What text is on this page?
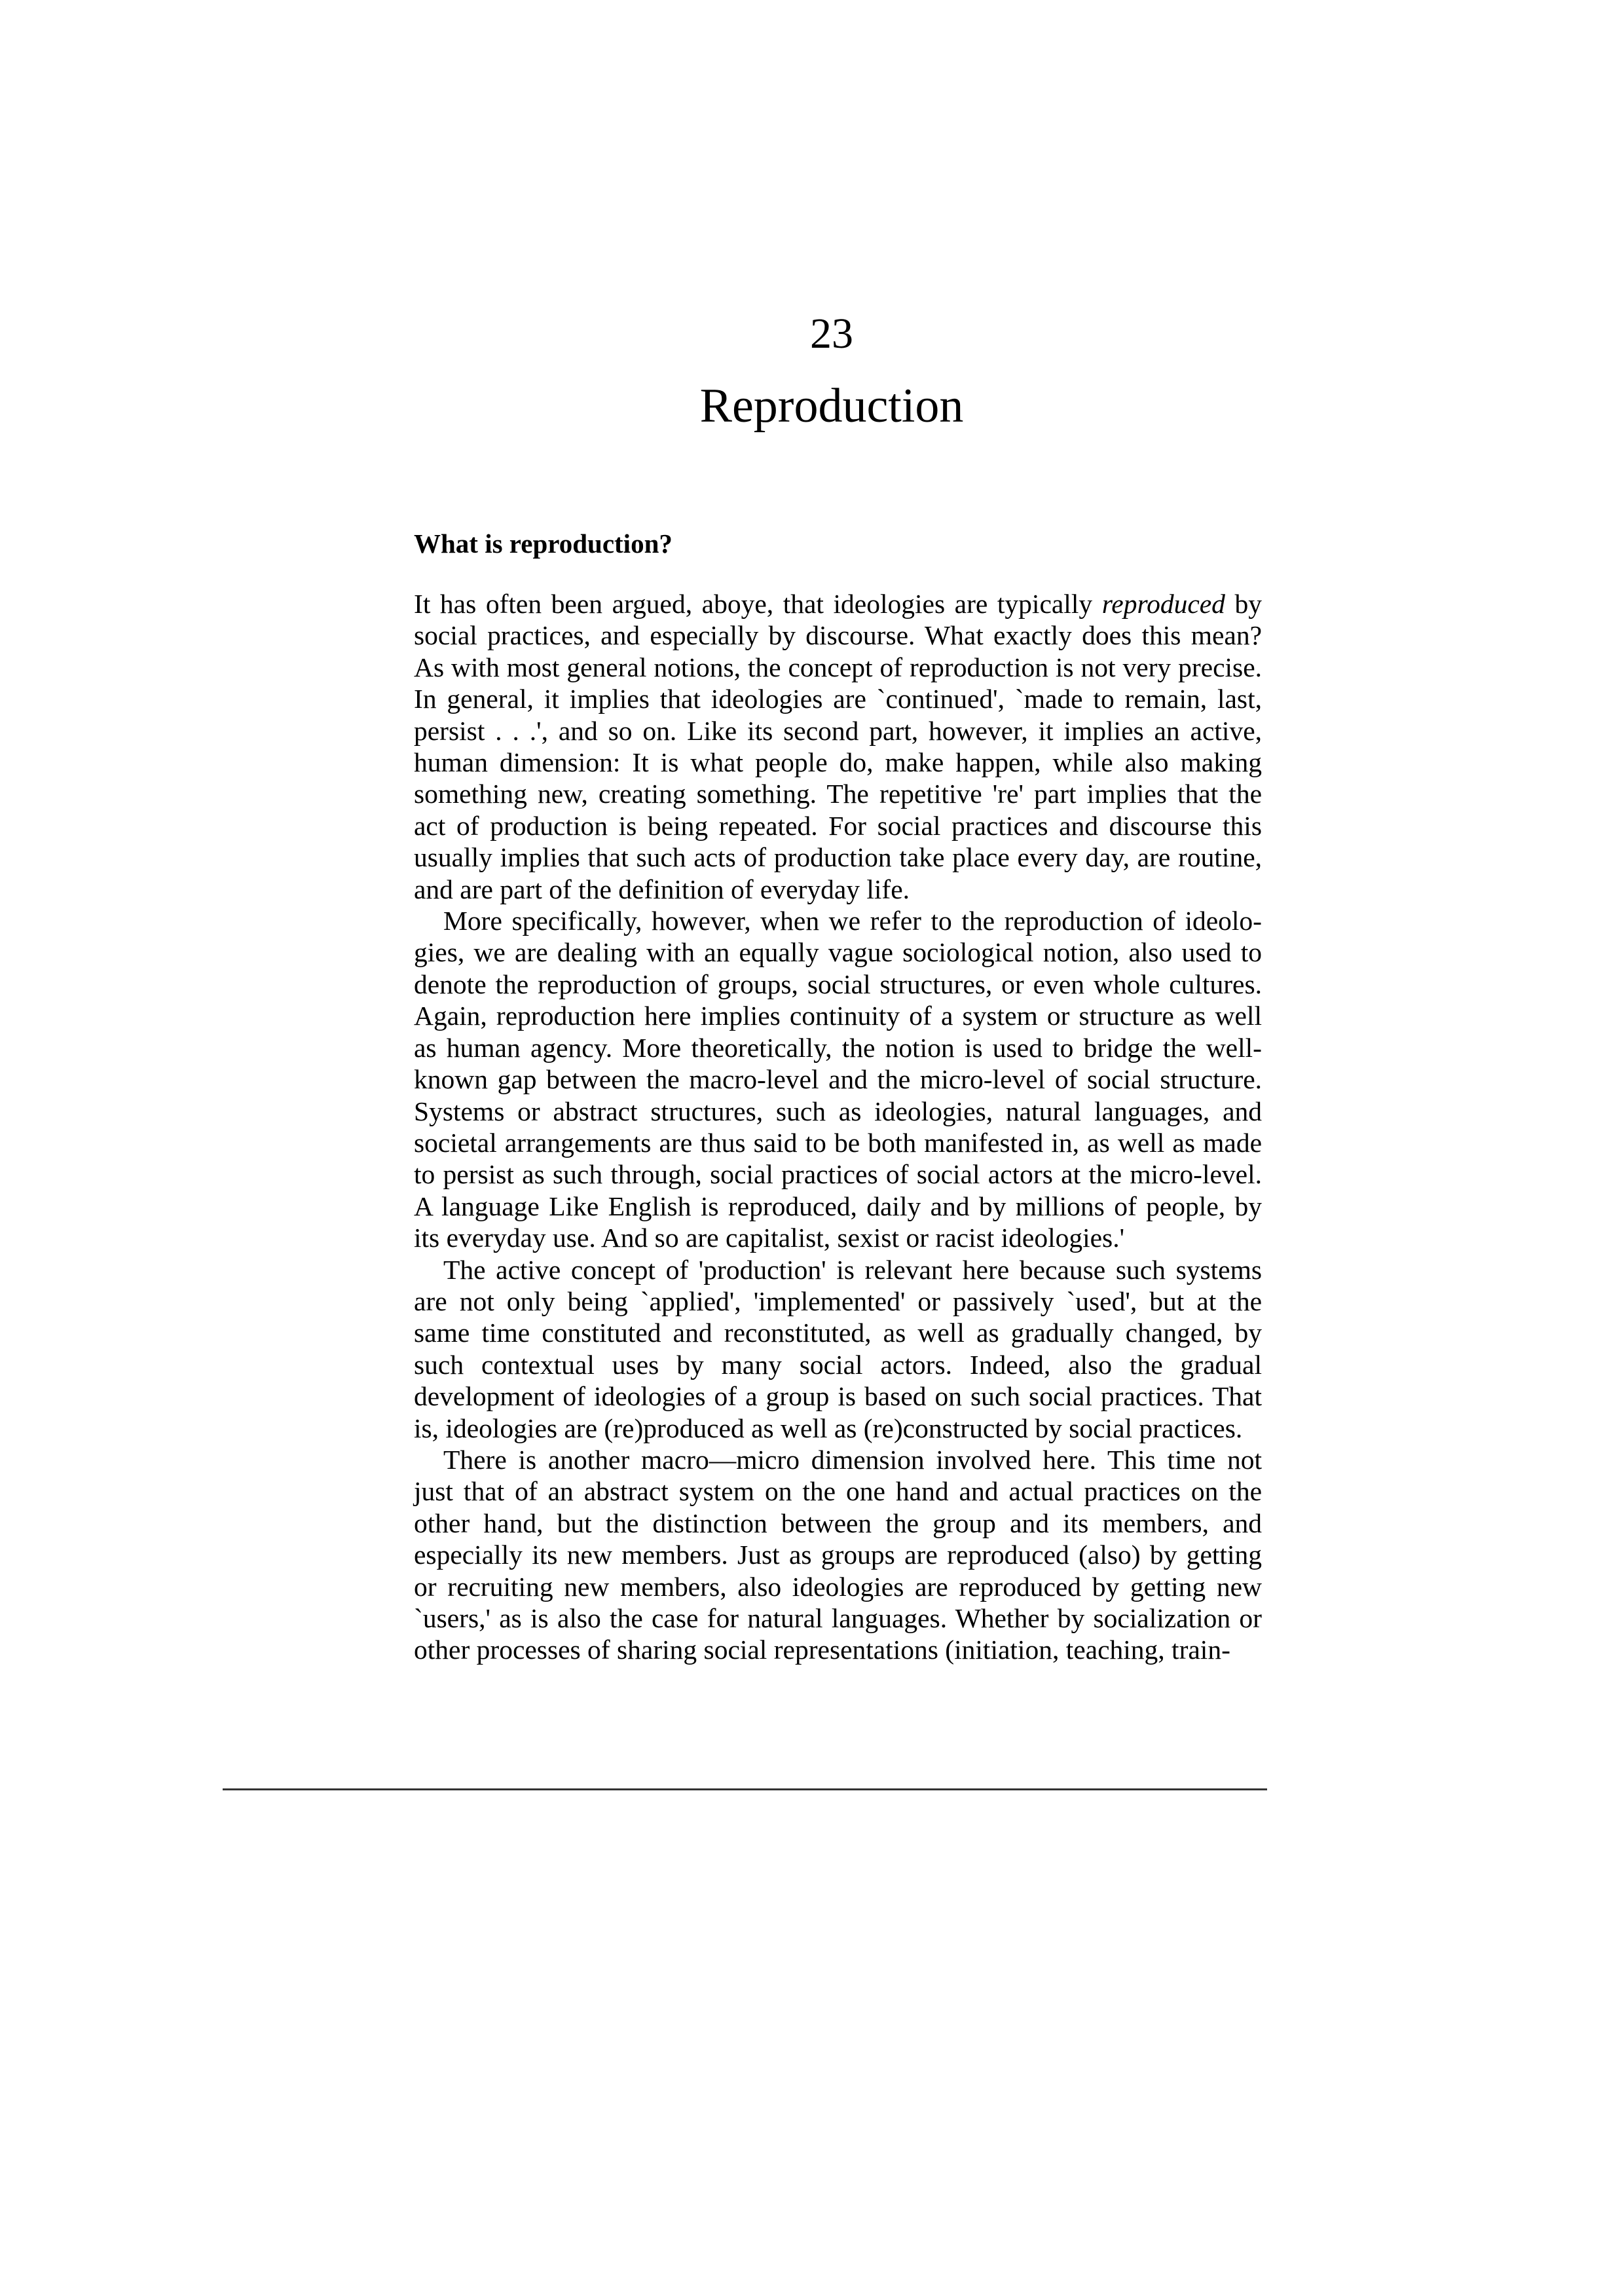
23
Reproduction
What is reproduction?

It has often been argued, aboye, that ideologies are typically reproduced by social practices, and especially by discourse. What exactly does this mean? As with most general notions, the concept of reproduction is not very precise. In general, it implies that ideologies are `continued', `made to remain, last, persist . . .', and so on. Like its second part, however, it implies an active, human dimension: It is what people do, make happen, while also making something new, creating something. The repetitive 're' part implies that the act of production is being repeated. For social practices and discourse this usually implies that such acts of production take place every day, are routine, and are part of the definition of everyday life.

More specifically, however, when we refer to the reproduction of ideologies, we are dealing with an equally vague sociological notion, also used to denote the reproduction of groups, social structures, or even whole cultures. Again, reproduction here implies continuity of a system or structure as well as human agency. More theoretically, the notion is used to bridge the well-known gap between the macro-level and the micro-level of social structure. Systems or abstract structures, such as ideologies, natural languages, and societal arrangements are thus said to be both manifested in, as well as made to persist as such through, social practices of social actors at the micro-level. A language Like English is reproduced, daily and by millions of people, by its everyday use. And so are capitalist, sexist or racist ideologies.'

The active concept of 'production' is relevant here because such systems are not only being `applied', 'implemented' or passively `used', but at the same time constituted and reconstituted, as well as gradually changed, by such contextual uses by many social actors. Indeed, also the gradual development of ideologies of a group is based on such social practices. That is, ideologies are (re)produced as well as (re)constructed by social practices.

There is another macro—micro dimension involved here. This time not just that of an abstract system on the one hand and actual practices on the other hand, but the distinction between the group and its members, and especially its new members. Just as groups are reproduced (also) by getting or recruiting new members, also ideologies are reproduced by getting new `users,' as is also the case for natural languages. Whether by socialization or other processes of sharing social representations (initiation, teaching, train-
